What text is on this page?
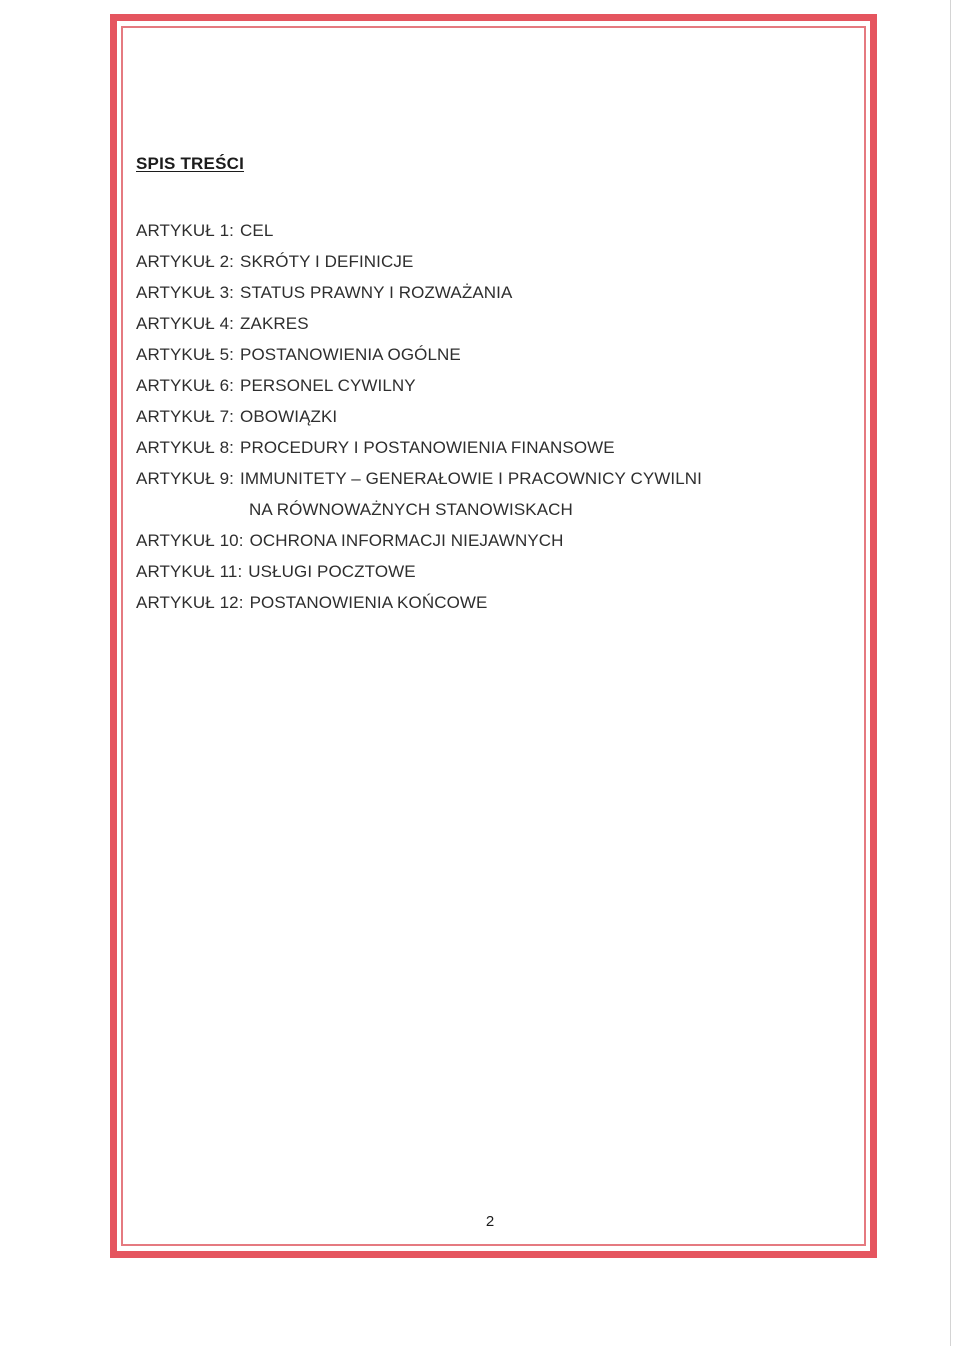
SPIS TREŚCI
ARTYKUŁ 1: CEL
ARTYKUŁ 2: SKRÓTY I DEFINICJE
ARTYKUŁ 3: STATUS PRAWNY I ROZWAŻANIA
ARTYKUŁ 4: ZAKRES
ARTYKUŁ 5: POSTANOWIENIA OGÓLNE
ARTYKUŁ 6: PERSONEL CYWILNY
ARTYKUŁ 7: OBOWIĄZKI
ARTYKUŁ 8: PROCEDURY I POSTANOWIENIA FINANSOWE
ARTYKUŁ 9: IMMUNITETY – GENERAŁOWIE I PRACOWNICY CYWILNI
NA RÓWNOWAŻNYCH STANOWISKACH
ARTYKUŁ 10: OCHRONA INFORMACJI NIEJAWNYCH
ARTYKUŁ 11: USŁUGI POCZTOWE
ARTYKUŁ 12: POSTANOWIENIA KOŃCOWE

2
